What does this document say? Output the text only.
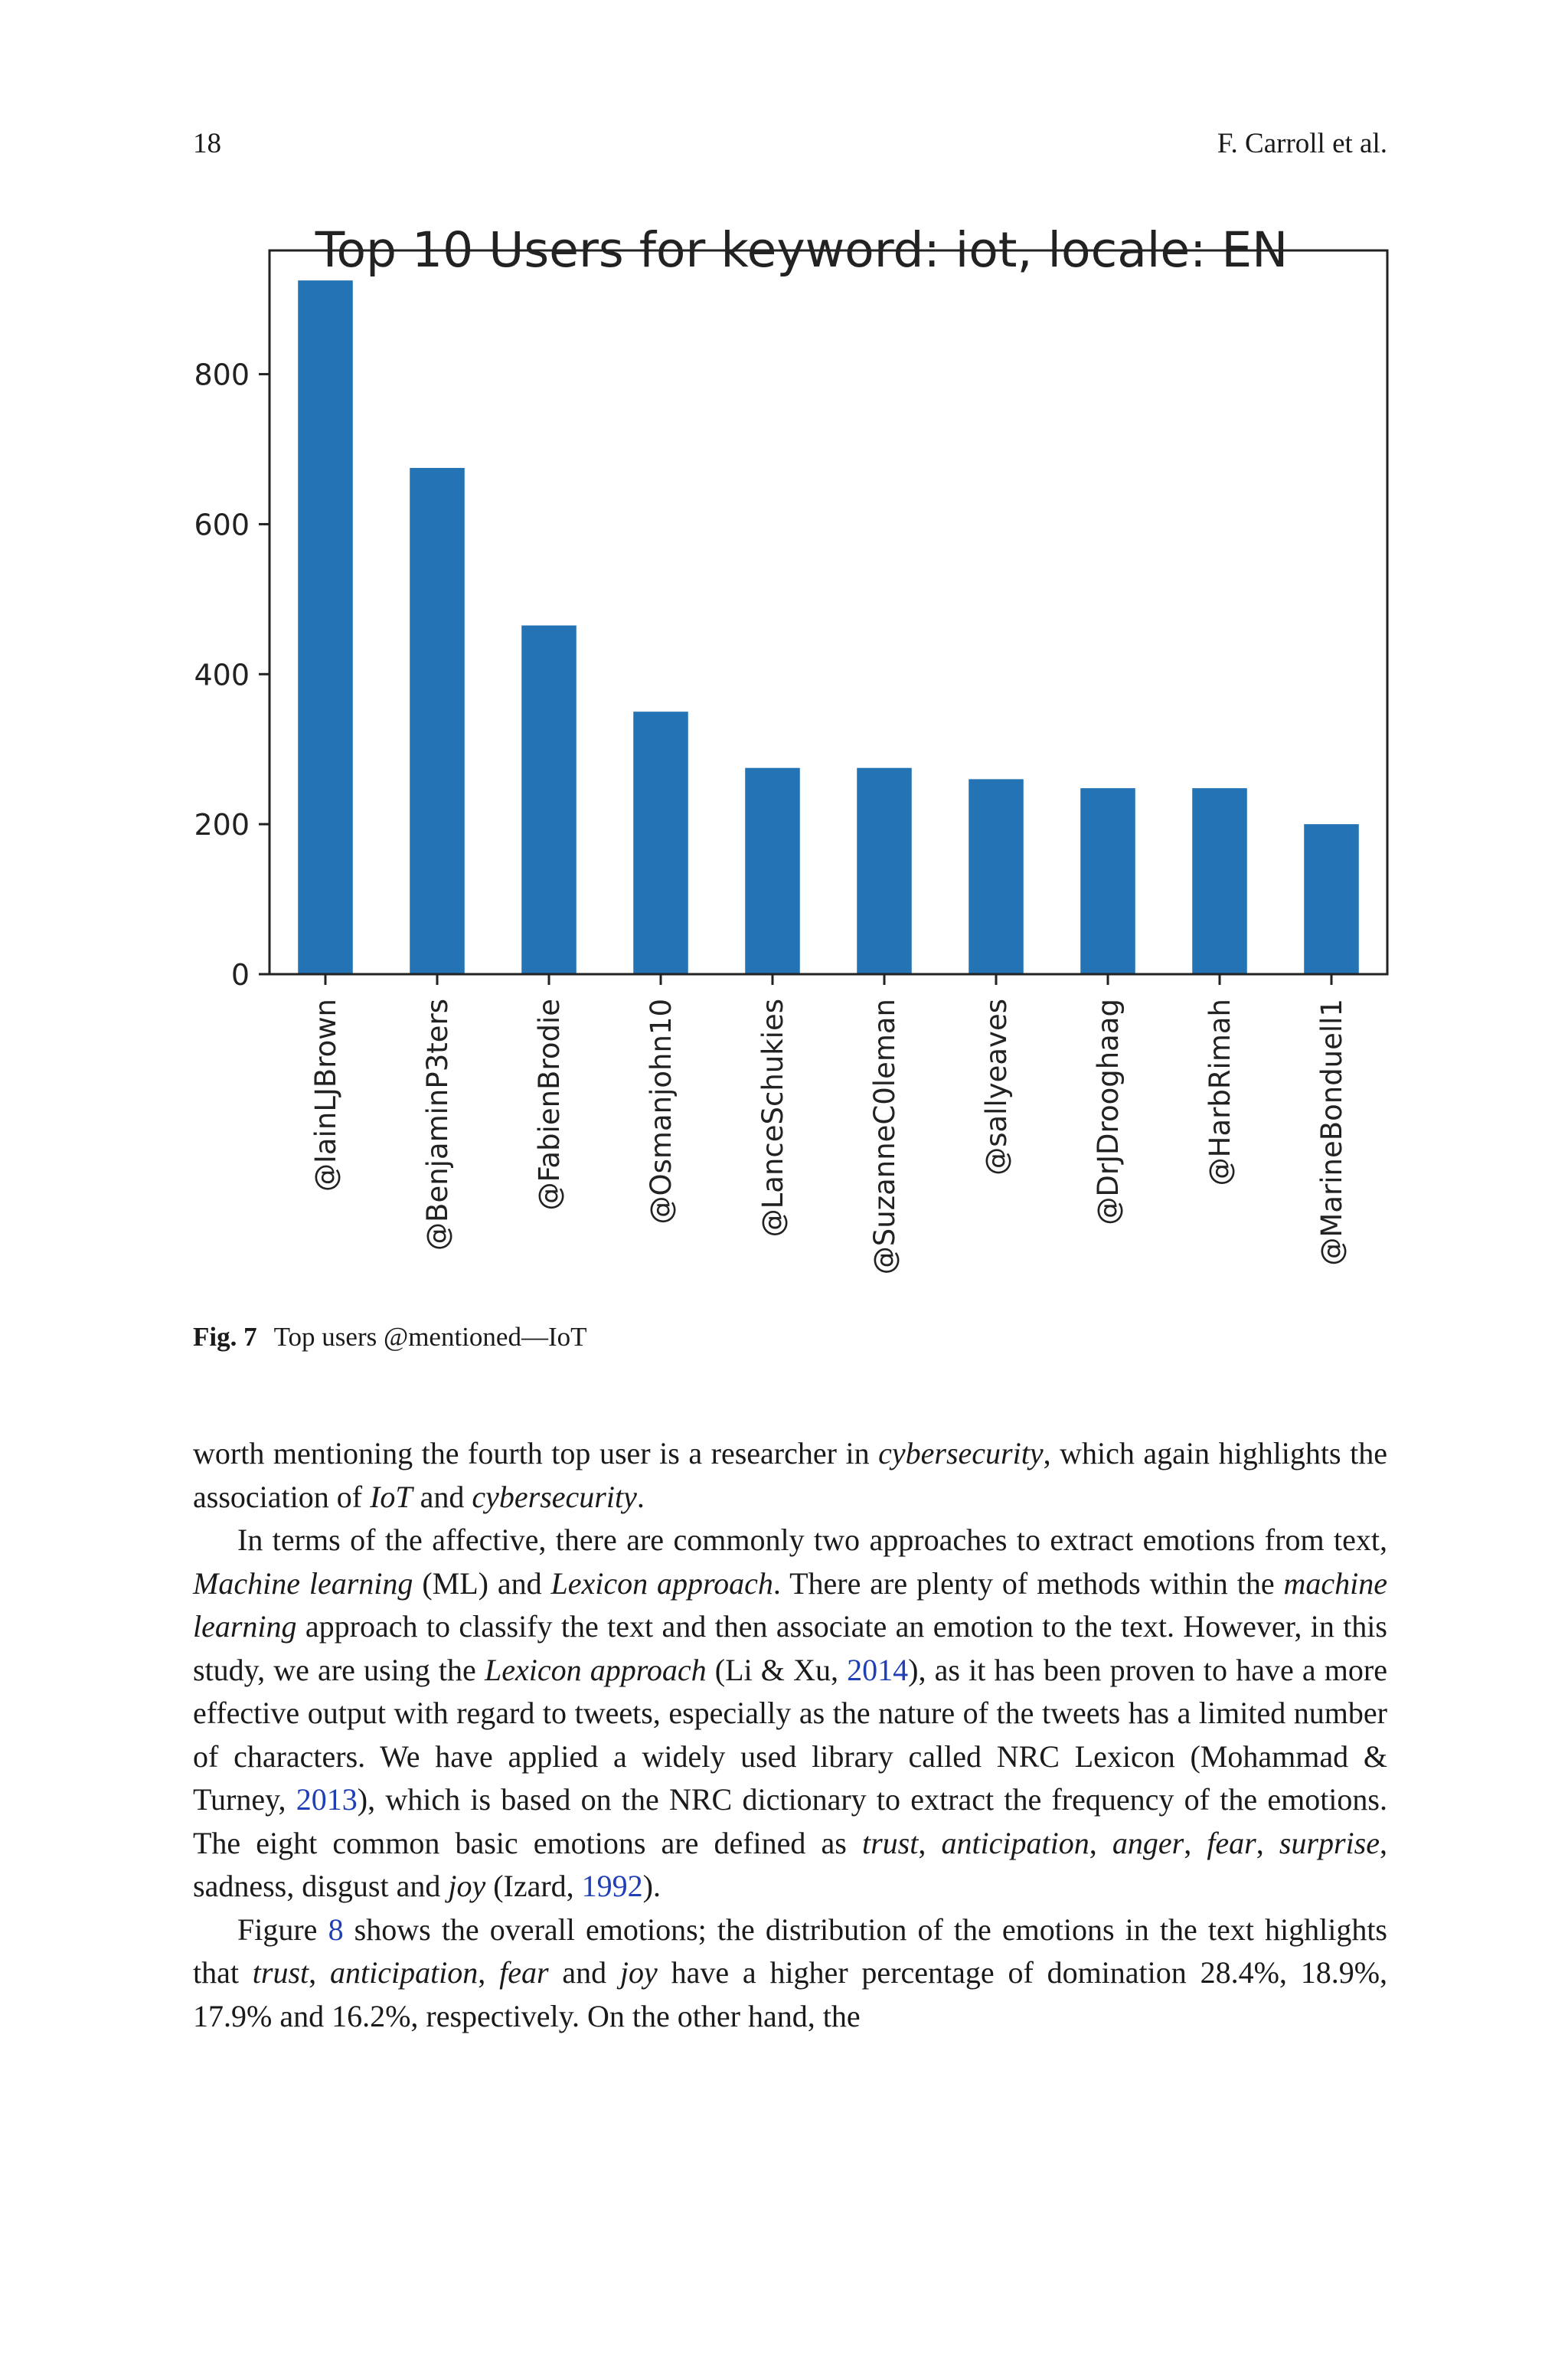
18	F. Carroll et al.
0
200
400
600
800
@IainLJBrown	@BenjaminP3ters	@FabienBrodie	@Osmanjohn10	@LanceSchukies	@SuzanneC0leman	@sallyeaves	@DrJDrooghaag	@HarbRimah	@MarineBonduell1
Top 10 Users for keyword: iot, locale: EN
Fig. 7 Top users @mentioned—IoT

worth mentioning the fourth top user is a researcher in cybersecurity, which again highlights the association of IoT and cybersecurity.

In terms of the affective, there are commonly two approaches to extract emotions from text, Machine learning (ML) and Lexicon approach. There are plenty of methods within the machine learning approach to classify the text and then associate an emotion to the text. However, in this study, we are using the Lexicon approach (Li & Xu, 2014), as it has been proven to have a more effective output with regard to tweets, especially as the nature of the tweets has a limited number of characters. We have applied a widely used library called NRC Lexicon (Mohammad & Turney, 2013), which is based on the NRC dictionary to extract the frequency of the emotions. The eight common basic emotions are defined as trust, anticipation, anger, fear, surprise, sadness, disgust and joy (Izard, 1992).

Figure 8 shows the overall emotions; the distribution of the emotions in the text highlights that trust, anticipation, fear and joy have a higher percentage of domination 28.4%, 18.9%, 17.9% and 16.2%, respectively. On the other hand, the
